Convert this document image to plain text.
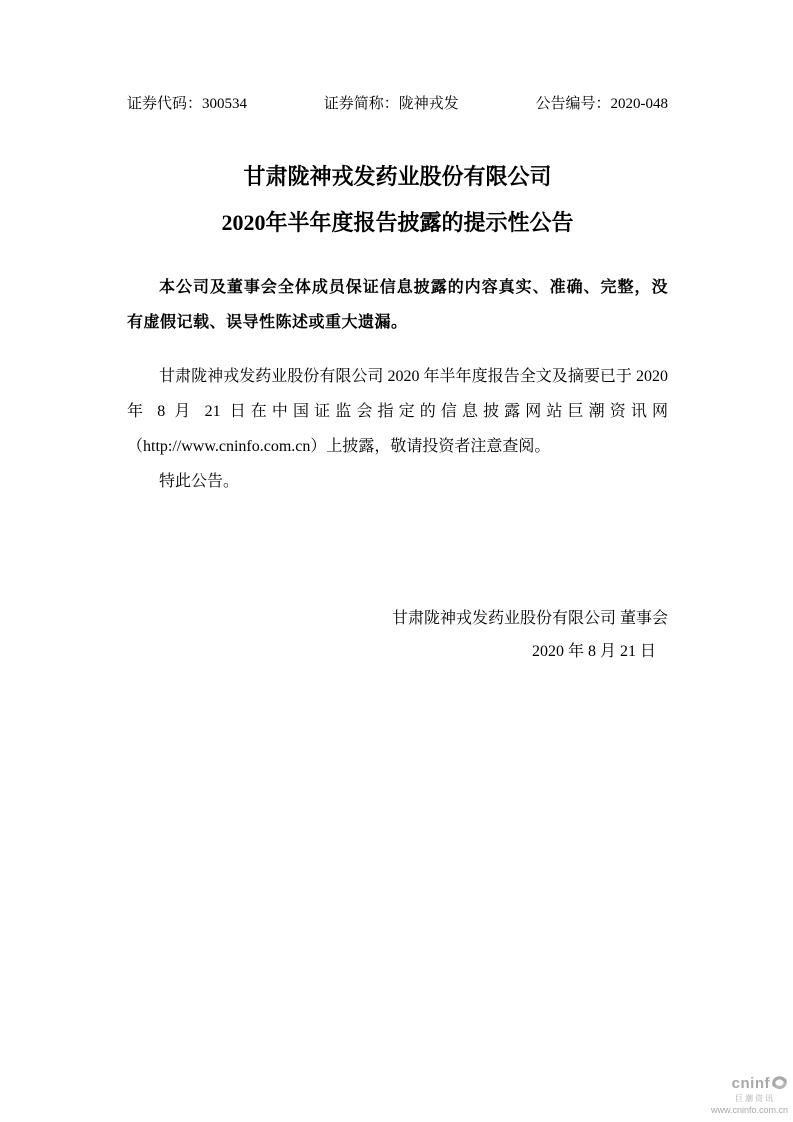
证券代码：300534	证券简称：陇神戎发	公告编号：2020-048
甘肃陇神戎发药业股份有限公司
2020年半年度报告披露的提示性公告

本公司及董事会全体成员保证信息披露的内容真实、准确、完整，没有虚假记载、误导性陈述或重大遗漏。

甘肃陇神戎发药业股份有限公司 2020 年半年度报告全文及摘要已于 2020 年 8 月 21 日在中国证监会指定的信息披露网站巨潮资讯网（http://www.cninfo.com.cn）上披露，敬请投资者注意查阅。

特此公告。

甘肃陇神戎发药业股份有限公司 董事会
2020 年 8 月 21 日
cninf
巨潮资讯
www.cninfo.com.cn
